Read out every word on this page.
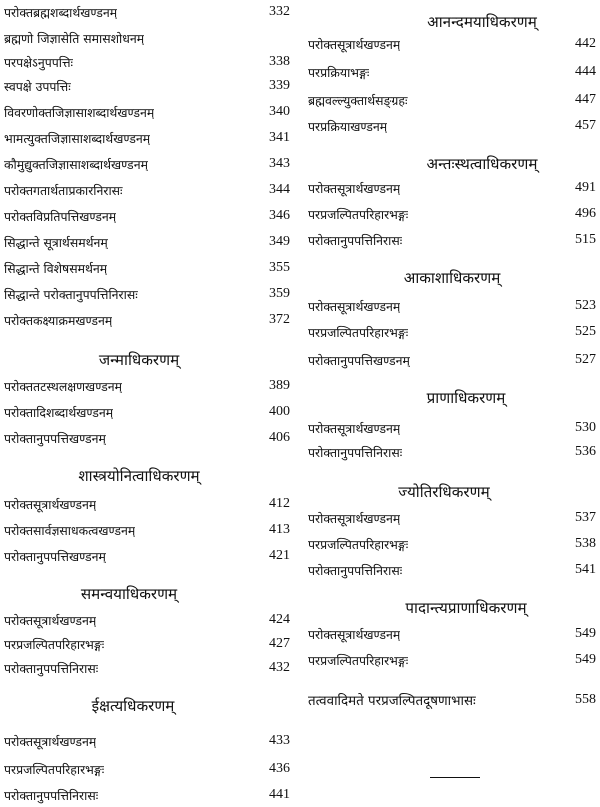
परोक्तब्रह्मशब्दार्थखण्डनम्	332
ब्रह्मणो जिज्ञासेति समासशोधनम्
परपक्षेऽनुपपत्तिः	338
स्वपक्षे उपपत्तिः	339
विवरणोक्तजिज्ञासाशब्दार्थखण्डनम्	340
भामत्युक्तजिज्ञासाशब्दार्थखण्डनम्	341
कौमुद्युक्तजिज्ञासाशब्दार्थखण्डनम्	343
परोक्तगतार्थताप्रकारनिरासः	344
परोक्तविप्रतिपत्तिखण्डनम्	346
सिद्धान्ते सूत्रार्थसमर्थनम्	349
सिद्धान्ते विशेषसमर्थनम्	355
सिद्धान्ते परोक्तानुपपत्तिनिरासः	359
परोक्तकक्ष्याक्रमखण्डनम्	372
जन्माधिकरणम्
परोक्ततटस्थलक्षणखण्डनम्	389
परोक्तादिशब्दार्थखण्डनम्	400
परोक्तानुपपत्तिखण्डनम्	406
शास्त्रयोनित्वाधिकरणम्
परोक्तसूत्रार्थखण्डनम्	412
परोक्तसार्वज्ञसाधकत्वखण्डनम्	413
परोक्तानुपपत्तिखण्डनम्	421
समन्वयाधिकरणम्
परोक्तसूत्रार्थखण्डनम्	424
परप्रजल्पितपरिहारभङ्गः	427
परोक्तानुपपत्तिनिरासः	432
ईक्षत्यधिकरणम्
परोक्तसूत्रार्थखण्डनम्	433
परप्रजल्पितपरिहारभङ्गः	436
परोक्तानुपपत्तिनिरासः	441
आनन्दमयाधिकरणम्
परोक्तसूत्रार्थखण्डनम्	442
परप्रक्रियाभङ्गः	444
ब्रह्मवल्ल्युक्तार्थसङ्ग्रहः	447
परप्रक्रियाखण्डनम्	457
अन्तःस्थत्वाधिकरणम्
परोक्तसूत्रार्थखण्डनम्	491
परप्रजल्पितपरिहारभङ्गः	496
परोक्तानुपपत्तिनिरासः	515
आकाशाधिकरणम्
परोक्तसूत्रार्थखण्डनम्	523
परप्रजल्पितपरिहारभङ्गः	525
परोक्तानुपपत्तिखण्डनम्	527
प्राणाधिकरणम्
परोक्तसूत्रार्थखण्डनम्	530
परोक्तानुपपत्तिनिरासः	536
ज्योतिरधिकरणम्
परोक्तसूत्रार्थखण्डनम्	537
परप्रजल्पितपरिहारभङ्गः	538
परोक्तानुपपत्तिनिरासः	541
पादान्त्यप्राणाधिकरणम्
परोक्तसूत्रार्थखण्डनम्	549
परप्रजल्पितपरिहारभङ्गः	549
तत्ववादिमते परप्रजल्पितदूषणाभासः	558
